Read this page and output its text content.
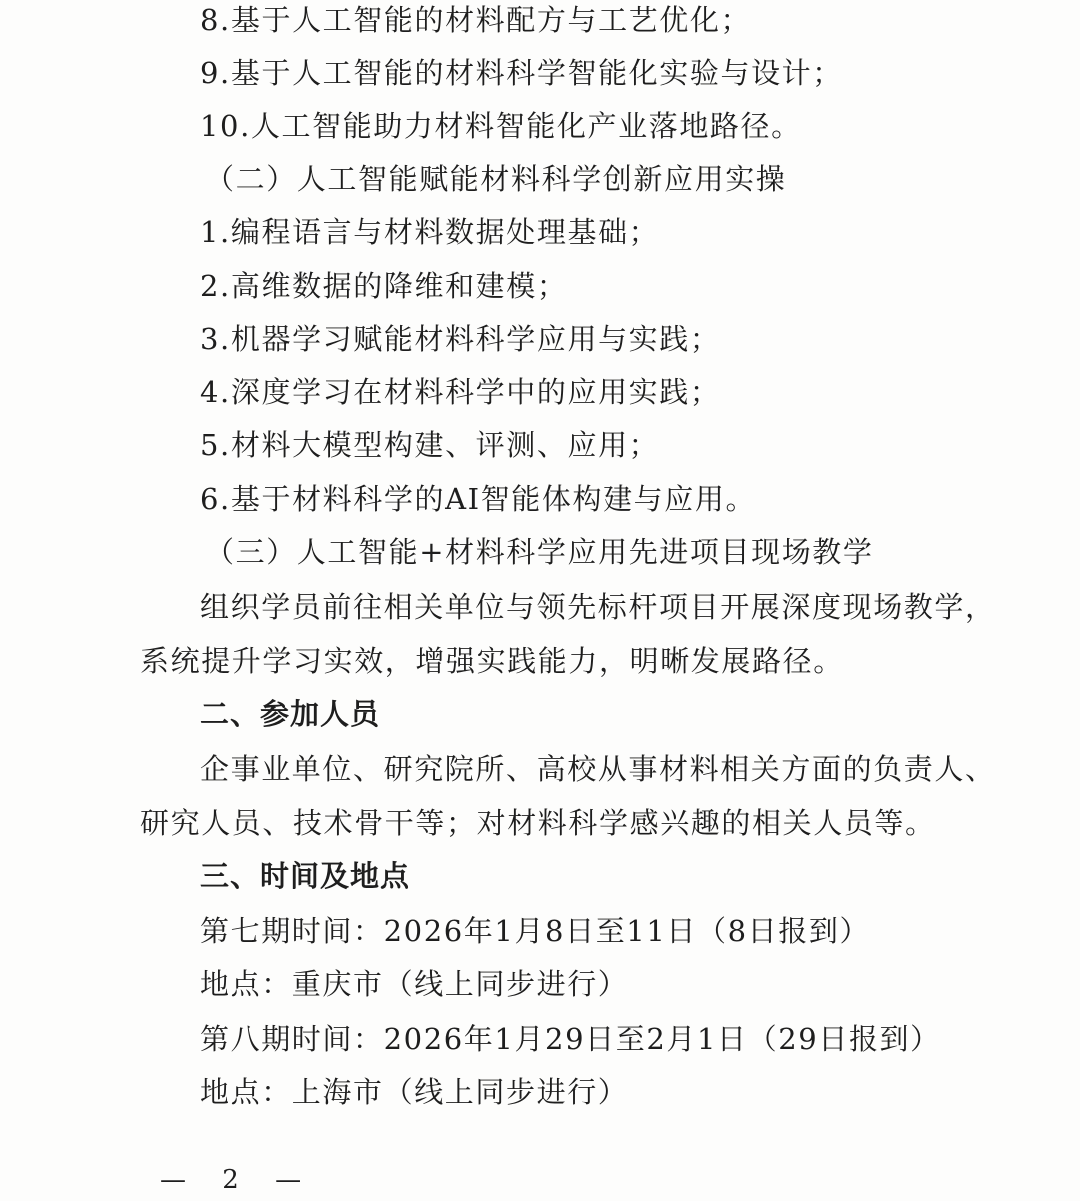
8.基于人工智能的材料配方与工艺优化；
9.基于人工智能的材料科学智能化实验与设计；
10.人工智能助力材料智能化产业落地路径。
（二）人工智能赋能材料科学创新应用实操
1.编程语言与材料数据处理基础；
2.高维数据的降维和建模；
3.机器学习赋能材料科学应用与实践；
4.深度学习在材料科学中的应用实践；
5.材料大模型构建、评测、应用；
6.基于材料科学的AI智能体构建与应用。
（三）人工智能+材料科学应用先进项目现场教学
组织学员前往相关单位与领先标杆项目开展深度现场教学，
系统提升学习实效，增强实践能力，明晰发展路径。
二、参加人员
企事业单位、研究院所、高校从事材料相关方面的负责人、
研究人员、技术骨干等；对材料科学感兴趣的相关人员等。
三、时间及地点
第七期时间：2026年1月8日至11日（8日报到）
地点：重庆市（线上同步进行）
第八期时间：2026年1月29日至2月1日（29日报到）
地点：上海市（线上同步进行）
— 2 —
